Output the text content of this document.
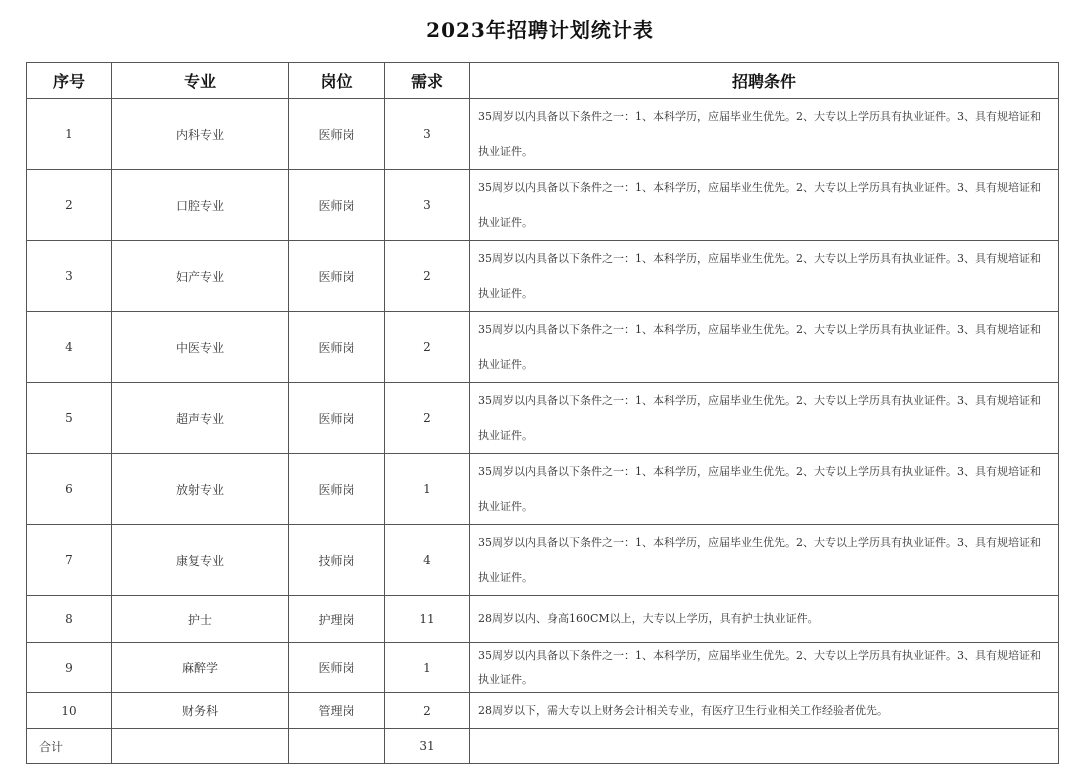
2023年招聘计划统计表
序号	专业	岗位	需求	招聘条件
1	内科专业	医师岗	3	35周岁以内具备以下条件之一：1、本科学历，应届毕业生优先。2、大专以上学历具有执业证件。3、具有规培证和执业证件。
2	口腔专业	医师岗	3	35周岁以内具备以下条件之一：1、本科学历，应届毕业生优先。2、大专以上学历具有执业证件。3、具有规培证和执业证件。
3	妇产专业	医师岗	2	35周岁以内具备以下条件之一：1、本科学历，应届毕业生优先。2、大专以上学历具有执业证件。3、具有规培证和执业证件。
4	中医专业	医师岗	2	35周岁以内具备以下条件之一：1、本科学历，应届毕业生优先。2、大专以上学历具有执业证件。3、具有规培证和执业证件。
5	超声专业	医师岗	2	35周岁以内具备以下条件之一：1、本科学历，应届毕业生优先。2、大专以上学历具有执业证件。3、具有规培证和执业证件。
6	放射专业	医师岗	1	35周岁以内具备以下条件之一：1、本科学历，应届毕业生优先。2、大专以上学历具有执业证件。3、具有规培证和执业证件。
7	康复专业	技师岗	4	35周岁以内具备以下条件之一：1、本科学历，应届毕业生优先。2、大专以上学历具有执业证件。3、具有规培证和执业证件。
8	护士	护理岗	11	28周岁以内、身高160CM以上，大专以上学历，具有护士执业证件。
9	麻醉学	医师岗	1	35周岁以内具备以下条件之一：1、本科学历，应届毕业生优先。2、大专以上学历具有执业证件。3、具有规培证和执业证件。
10	财务科	管理岗	2	28周岁以下，需大专以上财务会计相关专业，有医疗卫生行业相关工作经验者优先。
合计			31	
